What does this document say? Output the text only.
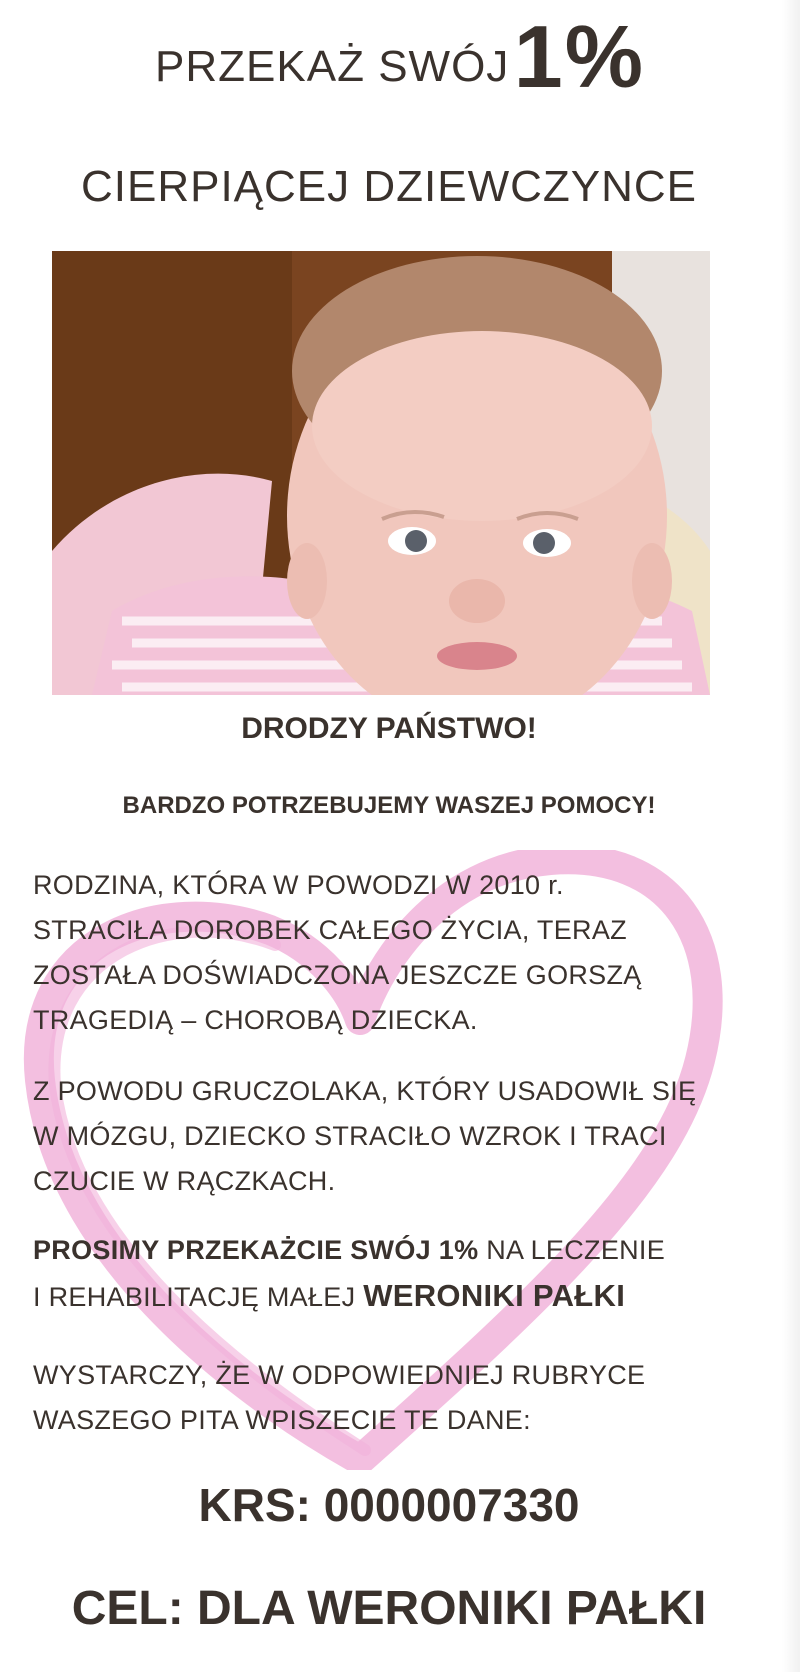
PRZEKAŻ SWÓJ 1%
CIERPIĄCEJ DZIEWCZYNCE
DRODZY PAŃSTWO!
BARDZO POTRZEBUJEMY WASZEJ POMOCY!
RODZINA, KTÓRA W POWODZI W 2010 r.
STRACIŁA DOROBEK CAŁEGO ŻYCIA, TERAZ
ZOSTAŁA DOŚWIADCZONA JESZCZE GORSZĄ
TRAGEDIĄ – CHOROBĄ DZIECKA.
Z POWODU GRUCZOLAKA, KTÓRY USADOWIŁ SIĘ
W MÓZGU, DZIECKO STRACIŁO WZROK I TRACI
CZUCIE W RĄCZKACH.
PROSIMY PRZEKAŻCIE SWÓJ 1% NA LECZENIE
I REHABILITACJĘ MAŁEJ WERONIKI PAŁKI
WYSTARCZY, ŻE W ODPOWIEDNIEJ RUBRYCE
WASZEGO PITA WPISZECIE TE DANE:
KRS: 0000007330
CEL: DLA WERONIKI PAŁKI
